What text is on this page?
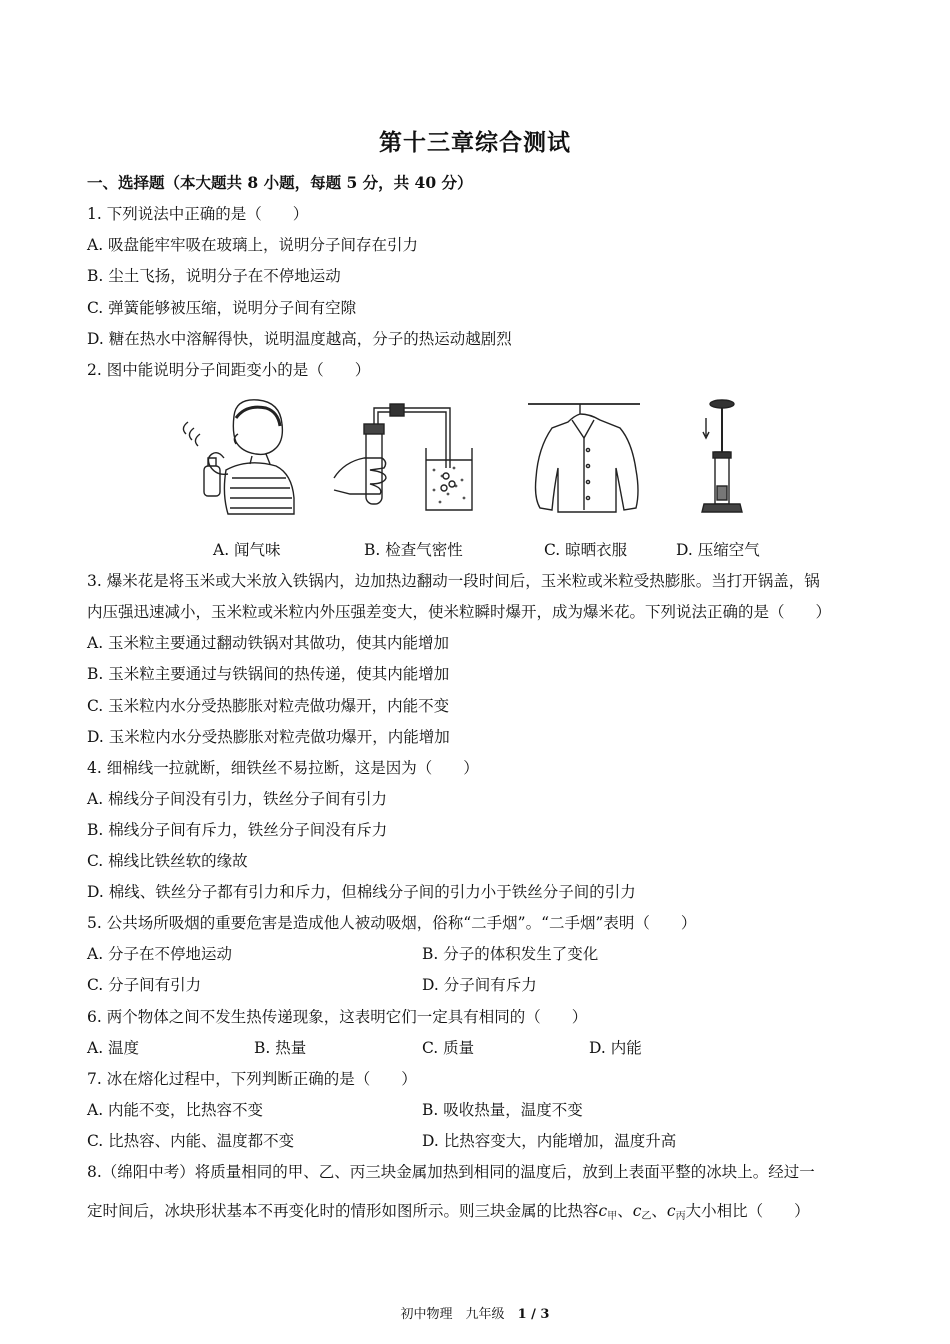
第十三章综合测试
一、选择题（本大题共 8 小题，每题 5 分，共 40 分）
1. 下列说法中正确的是（　　）
A. 吸盘能牢牢吸在玻璃上，说明分子间存在引力
B. 尘土飞扬，说明分子在不停地运动
C. 弹簧能够被压缩，说明分子间有空隙
D. 糖在热水中溶解得快，说明温度越高，分子的热运动越剧烈
2. 图中能说明分子间距变小的是（　　）
A. 闻气味	B. 检查气密性	C. 晾晒衣服	D. 压缩空气
3. 爆米花是将玉米或大米放入铁锅内，边加热边翻动一段时间后，玉米粒或米粒受热膨胀。当打开锅盖，锅
内压强迅速减小，玉米粒或米粒内外压强差变大，使米粒瞬时爆开，成为爆米花。下列说法正确的是（　　）
A. 玉米粒主要通过翻动铁锅对其做功，使其内能增加
B. 玉米粒主要通过与铁锅间的热传递，使其内能增加
C. 玉米粒内水分受热膨胀对粒壳做功爆开，内能不变
D. 玉米粒内水分受热膨胀对粒壳做功爆开，内能增加
4. 细棉线一拉就断，细铁丝不易拉断，这是因为（　　）
A. 棉线分子间没有引力，铁丝分子间有引力
B. 棉线分子间有斥力，铁丝分子间没有斥力
C. 棉线比铁丝软的缘故
D. 棉线、铁丝分子都有引力和斥力，但棉线分子间的引力小于铁丝分子间的引力
5. 公共场所吸烟的重要危害是造成他人被动吸烟，俗称“二手烟”。“二手烟”表明（　　）
A. 分子在不停地运动	B. 分子的体积发生了变化
C. 分子间有引力	D. 分子间有斥力
6. 两个物体之间不发生热传递现象，这表明它们一定具有相同的（　　）
A. 温度	B. 热量	C. 质量	D. 内能
7. 冰在熔化过程中，下列判断正确的是（　　）
A. 内能不变，比热容不变	B. 吸收热量，温度不变
C. 比热容、内能、温度都不变	D. 比热容变大，内能增加，温度升高
8.（绵阳中考）将质量相同的甲、乙、丙三块金属加热到相同的温度后，放到上表面平整的冰块上。经过一
定时间后，冰块形状基本不再变化时的情形如图所示。则三块金属的比热容$c_甲$、$c_乙$、$c_丙$大小相比（　　）
初中物理　九年级　1 / 3
